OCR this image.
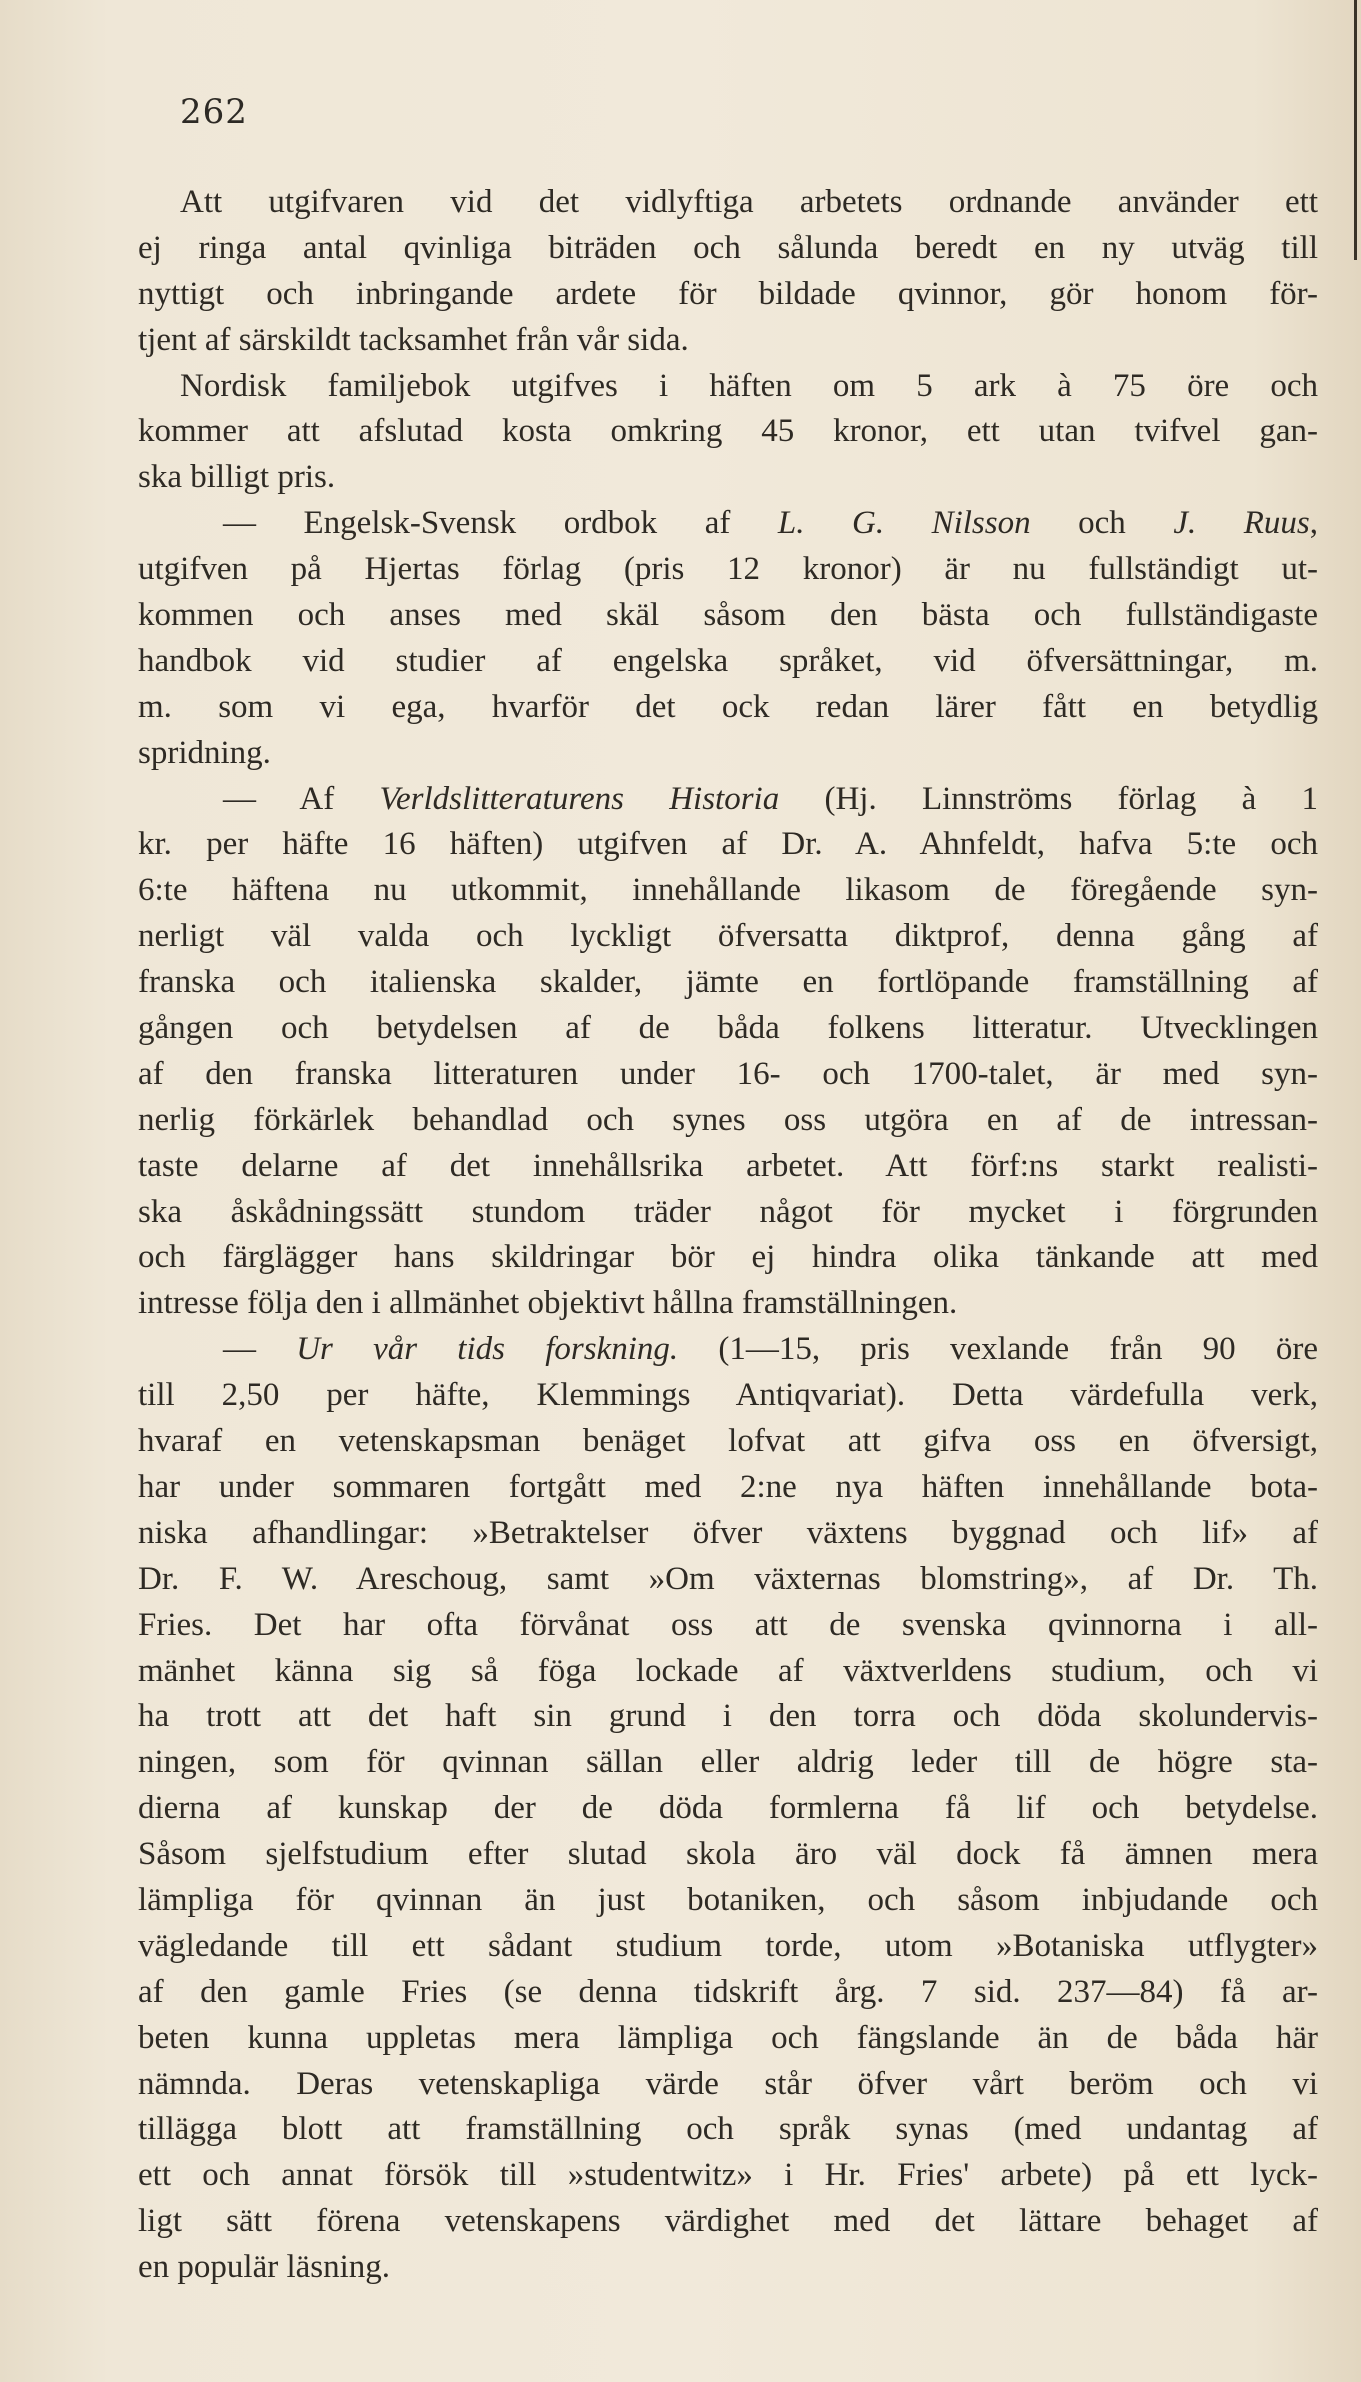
262
Att utgifvaren vid det vidlyftiga arbetets ordnande använder ett
ej ringa antal qvinliga biträden och sålunda beredt en ny utväg till
nyttigt och inbringande ardete för bildade qvinnor, gör honom för-
tjent af särskildt tacksamhet från vår sida.
Nordisk familjebok utgifves i häften om 5 ark à 75 öre och
kommer att afslutad kosta omkring 45 kronor, ett utan tvifvel gan-
ska billigt pris.
— Engelsk-Svensk ordbok af L. G. Nilsson och J. Ruus,
utgifven på Hjertas förlag (pris 12 kronor) är nu fullständigt ut-
kommen och anses med skäl såsom den bästa och fullständigaste
handbok vid studier af engelska språket, vid öfversättningar, m.
m. som vi ega, hvarför det ock redan lärer fått en betydlig
spridning.
— Af Verldslitteraturens Historia (Hj. Linnströms förlag à 1
kr. per häfte 16 häften) utgifven af Dr. A. Ahnfeldt, hafva 5:te och
6:te häftena nu utkommit, innehållande likasom de föregående syn-
nerligt väl valda och lyckligt öfversatta diktprof, denna gång af
franska och italienska skalder, jämte en fortlöpande framställning af
gången och betydelsen af de båda folkens litteratur. Utvecklingen
af den franska litteraturen under 16- och 1700-talet, är med syn-
nerlig förkärlek behandlad och synes oss utgöra en af de intressan-
taste delarne af det innehållsrika arbetet. Att förf:ns starkt realisti-
ska åskådningssätt stundom träder något för mycket i förgrunden
och färglägger hans skildringar bör ej hindra olika tänkande att med
intresse följa den i allmänhet objektivt hållna framställningen.
— Ur vår tids forskning. (1—15, pris vexlande från 90 öre
till 2,50 per häfte, Klemmings Antiqvariat). Detta värdefulla verk,
hvaraf en vetenskapsman benäget lofvat att gifva oss en öfversigt,
har under sommaren fortgått med 2:ne nya häften innehållande bota-
niska afhandlingar: »Betraktelser öfver växtens byggnad och lif» af
Dr. F. W. Areschoug, samt »Om växternas blomstring», af Dr. Th.
Fries. Det har ofta förvånat oss att de svenska qvinnorna i all-
mänhet känna sig så föga lockade af växtverldens studium, och vi
ha trott att det haft sin grund i den torra och döda skolundervis-
ningen, som för qvinnan sällan eller aldrig leder till de högre sta-
dierna af kunskap der de döda formlerna få lif och betydelse.
Såsom sjelfstudium efter slutad skola äro väl dock få ämnen mera
lämpliga för qvinnan än just botaniken, och såsom inbjudande och
vägledande till ett sådant studium torde, utom »Botaniska utflygter»
af den gamle Fries (se denna tidskrift årg. 7 sid. 237—84) få ar-
beten kunna uppletas mera lämpliga och fängslande än de båda här
nämnda. Deras vetenskapliga värde står öfver vårt beröm och vi
tillägga blott att framställning och språk synas (med undantag af
ett och annat försök till »studentwitz» i Hr. Fries' arbete) på ett lyck-
ligt sätt förena vetenskapens värdighet med det lättare behaget af
en populär läsning.
